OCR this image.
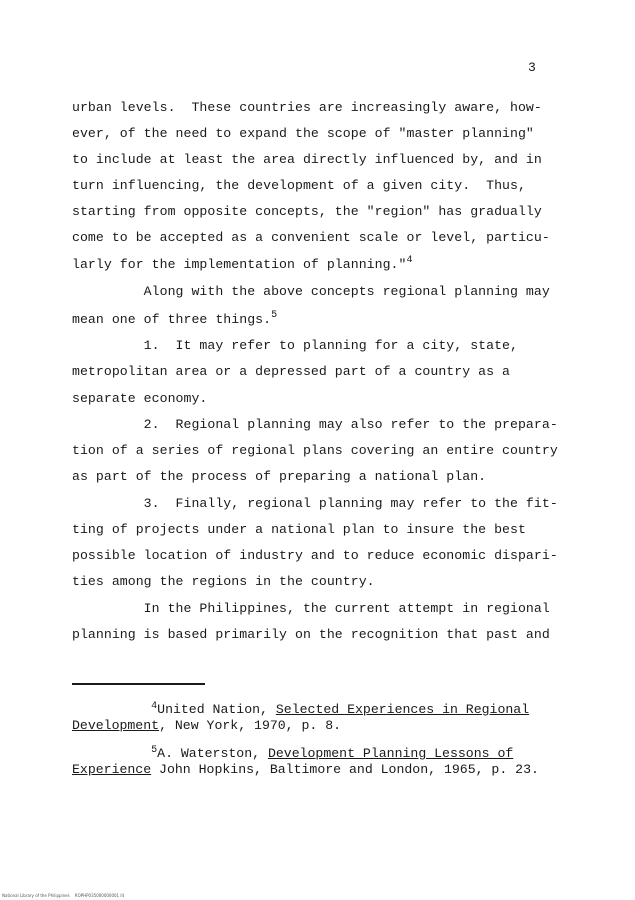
3
urban levels.  These countries are increasingly aware, how-
ever, of the need to expand the scope of "master planning"
to include at least the area directly influenced by, and in
turn influencing, the development of a given city.  Thus,
starting from opposite concepts, the "region" has gradually
come to be accepted as a convenient scale or level, particu-
larly for the implementation of planning."$^4$
Along with the above concepts regional planning may
mean one of three things.$^5$
1.  It may refer to planning for a city, state,
metropolitan area or a depressed part of a country as a
separate economy.
2.  Regional planning may also refer to the prepara-
tion of a series of regional plans covering an entire country
as part of the process of preparing a national plan.
3.  Finally, regional planning may refer to the fit-
ting of projects under a national plan to insure the best
possible location of industry and to reduce economic dispari-
ties among the regions in the country.
In the Philippines, the current attempt in regional
planning is based primarily on the recognition that past and
$^4$United Nation, Selected Experiences in Regional
Development, New York, 1970, p. 8.
$^5$A. Waterston, Development Planning Lessons of
Experience John Hopkins, Baltimore and London, 1965, p. 23.
National Library of the Philippines    ROPHP035000000001 lit
